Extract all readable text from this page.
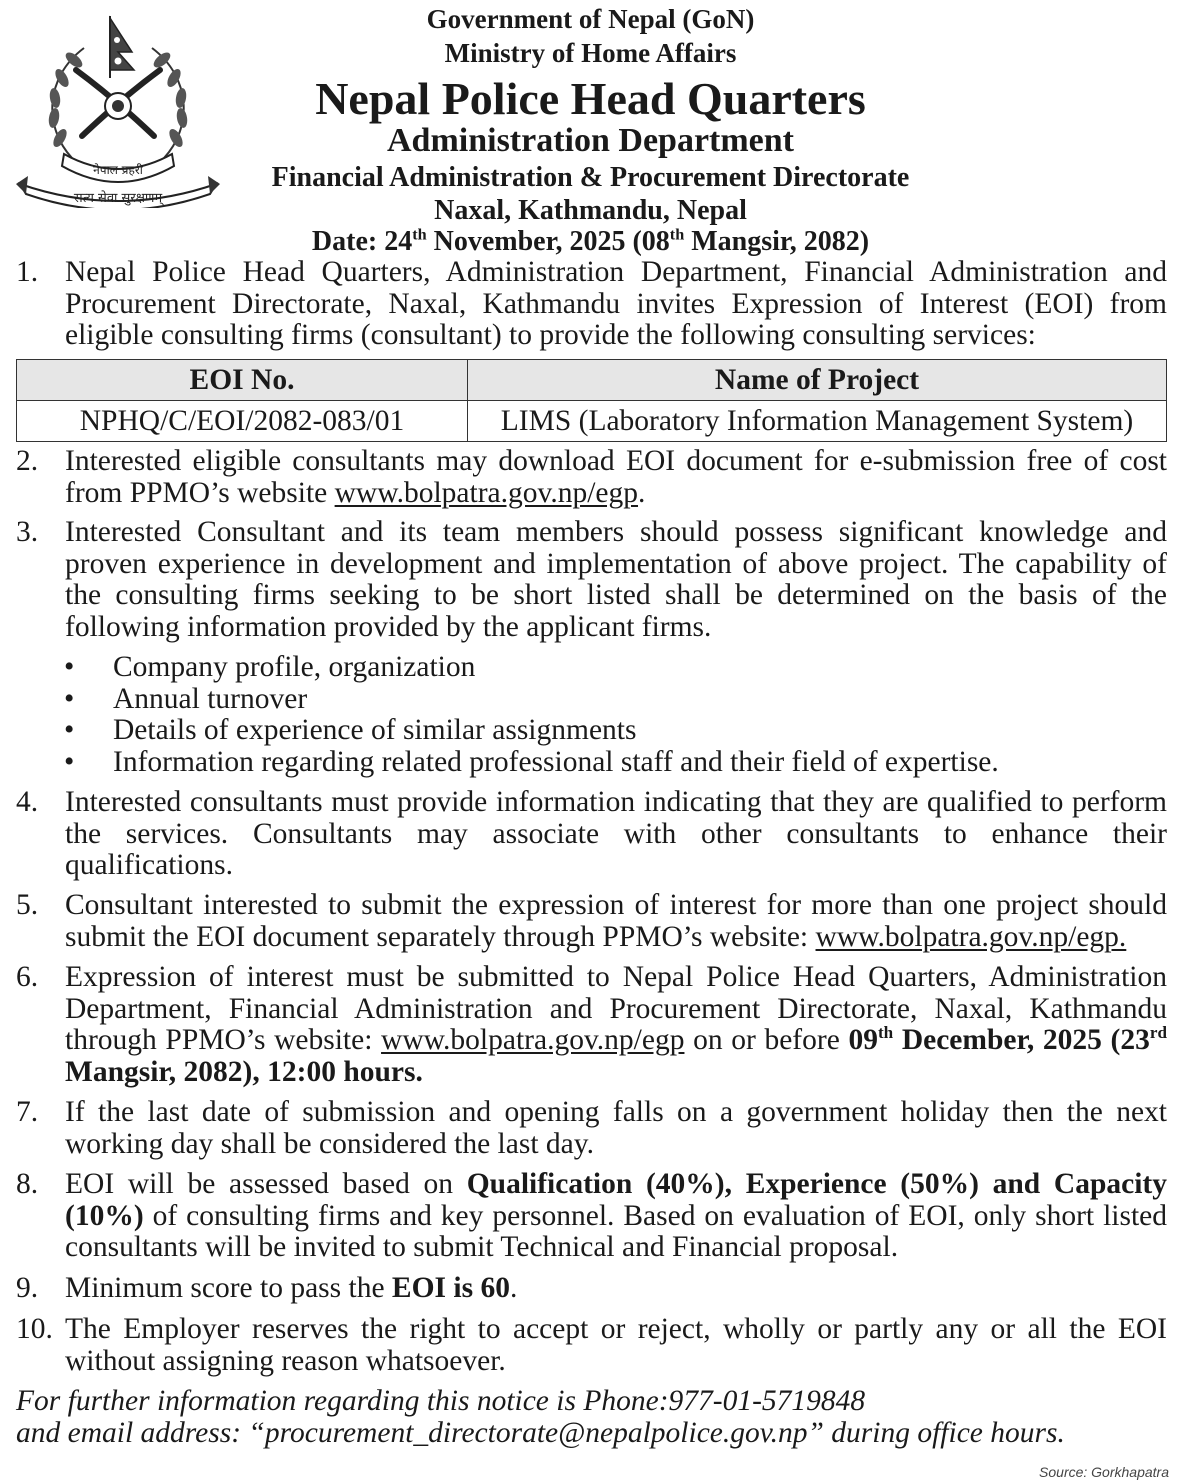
नेपाल प्रहरी
सत्य सेवा सुरक्षणम्
Government of Nepal (GoN)
Ministry of Home Affairs
Nepal Police Head Quarters
Administration Department
Financial Administration & Procurement Directorate
Naxal, Kathmandu, Nepal
Date: 24th November, 2025 (08th Mangsir, 2082)
1. Nepal Police Head Quarters, Administration Department, Financial Administration and Procurement Directorate, Naxal, Kathmandu invites Expression of Interest (EOI) from eligible consulting firms (consultant) to provide the following consulting services:
EOI No.	Name of Project
NPHQ/C/EOI/2082-083/01	LIMS (Laboratory Information Management System)
2. Interested eligible consultants may download EOI document for e-submission free of cost from PPMO’s website www.bolpatra.gov.np/egp.
3. Interested Consultant and its team members should possess significant knowledge and proven experience in development and implementation of above project. The capability of the consulting firms seeking to be short listed shall be determined on the basis of the following information provided by the applicant firms.
• Company profile, organization
• Annual turnover
• Details of experience of similar assignments
• Information regarding related professional staff and their field of expertise.
4. Interested consultants must provide information indicating that they are qualified to perform the services. Consultants may associate with other consultants to enhance their qualifications.
5. Consultant interested to submit the expression of interest for more than one project should submit the EOI document separately through PPMO’s website: www.bolpatra.gov.np/egp.
6. Expression of interest must be submitted to Nepal Police Head Quarters, Administration Department, Financial Administration and Procurement Directorate, Naxal, Kathmandu through PPMO’s website: www.bolpatra.gov.np/egp on or before 09th December, 2025 (23rd Mangsir, 2082), 12:00 hours.
7. If the last date of submission and opening falls on a government holiday then the next working day shall be considered the last day.
8. EOI will be assessed based on Qualification (40%), Experience (50%) and Capacity (10%) of consulting firms and key personnel. Based on evaluation of EOI, only short listed consultants will be invited to submit Technical and Financial proposal.
9. Minimum score to pass the EOI is 60.
10. The Employer reserves the right to accept or reject, wholly or partly any or all the EOI without assigning reason whatsoever.
For further information regarding this notice is Phone:977-01-5719848
and email address: “procurement_directorate@nepalpolice.gov.np” during office hours.
Source: Gorkhapatra
